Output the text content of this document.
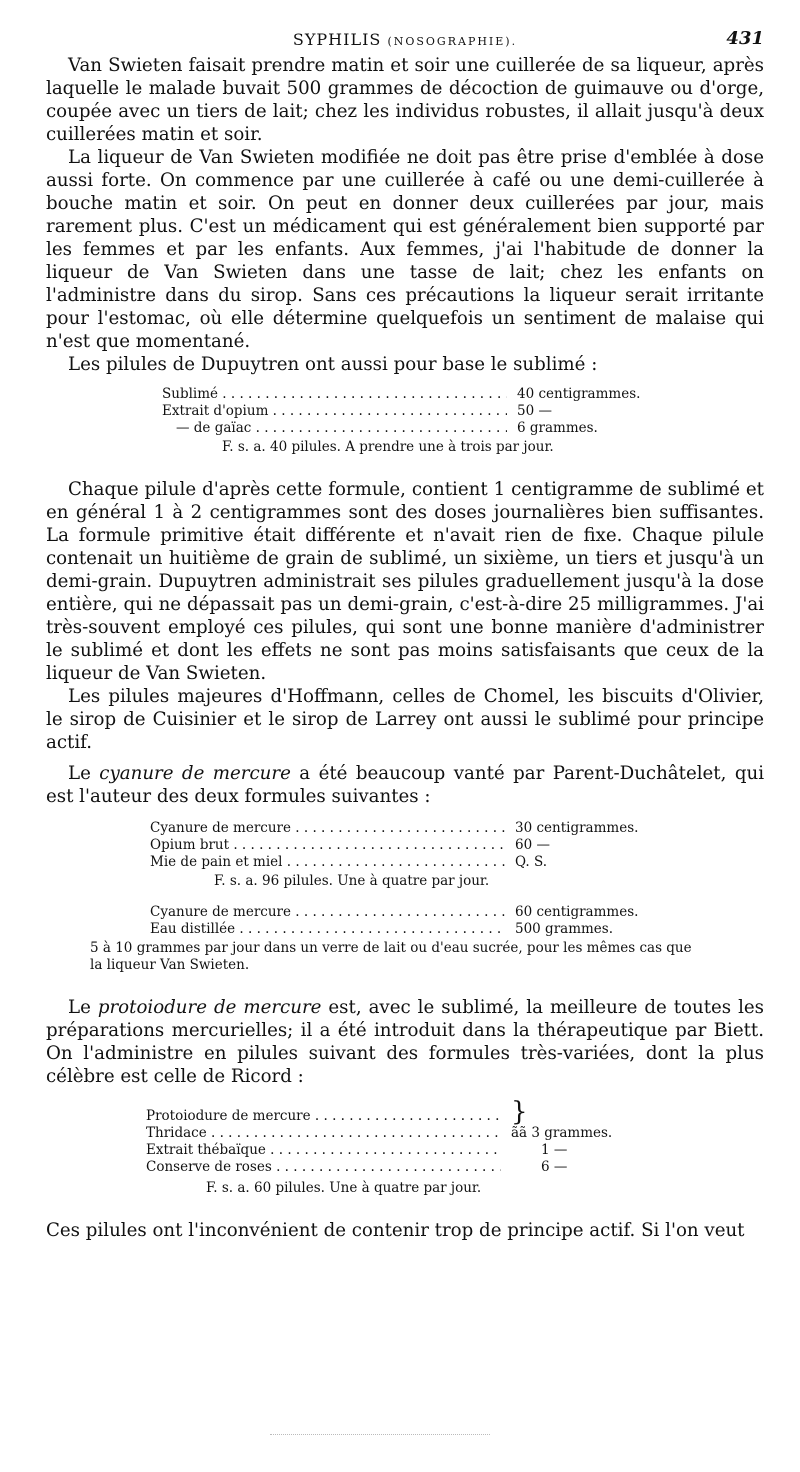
SYPHILIS (NOSOGRAPHIE).	431

Van Swieten faisait prendre matin et soir une cuillerée de sa liqueur, après laquelle le malade buvait 500 grammes de décoction de guimauve ou d'orge, coupée avec un tiers de lait; chez les individus robustes, il allait jusqu'à deux cuillerées matin et soir.

La liqueur de Van Swieten modifiée ne doit pas être prise d'emblée à dose aussi forte. On commence par une cuillerée à café ou une demi-cuillerée à bouche matin et soir. On peut en donner deux cuillerées par jour, mais rarement plus. C'est un médicament qui est généralement bien supporté par les femmes et par les enfants. Aux femmes, j'ai l'habitude de donner la liqueur de Van Swieten dans une tasse de lait; chez les enfants on l'administre dans du sirop. Sans ces précautions la liqueur serait irritante pour l'estomac, où elle détermine quelquefois un sentiment de malaise qui n'est que momentané.

Les pilules de Dupuytren ont aussi pour base le sublimé :

Sublimé . . .	40 centigrammes.
Extrait d'opium . . .	50 —
— de gaïac . . .	6 grammes.
F. s. a. 40 pilules. A prendre une à trois par jour.

Chaque pilule d'après cette formule, contient 1 centigramme de sublimé et en général 1 à 2 centigrammes sont des doses journalières bien suffisantes. La formule primitive était différente et n'avait rien de fixe. Chaque pilule contenait un huitième de grain de sublimé, un sixième, un tiers et jusqu'à un demi-grain. Dupuytren administrait ses pilules graduellement jusqu'à la dose entière, qui ne dépassait pas un demi-grain, c'est-à-dire 25 milligrammes. J'ai très-souvent employé ces pilules, qui sont une bonne manière d'administrer le sublimé et dont les effets ne sont pas moins satisfaisants que ceux de la liqueur de Van Swieten.

Les pilules majeures d'Hoffmann, celles de Chomel, les biscuits d'Olivier, le sirop de Cuisinier et le sirop de Larrey ont aussi le sublimé pour principe actif.

Le cyanure de mercure a été beaucoup vanté par Parent-Duchâtelet, qui est l'auteur des deux formules suivantes :

Cyanure de mercure . . .	30 centigrammes.
Opium brut . . .	60 —
Mie de pain et miel . . .	Q. S.
F. s. a. 96 pilules. Une à quatre par jour.
Cyanure de mercure . . .	60 centigrammes.
Eau distillée . . .	500 grammes.
5 à 10 grammes par jour dans un verre de lait ou d'eau sucrée, pour les mêmes cas que la liqueur Van Swieten.

Le protoiodure de mercure est, avec le sublimé, la meilleure de toutes les préparations mercurielles; il a été introduit dans la thérapeutique par Biett. On l'administre en pilules suivant des formules très-variées, dont la plus célèbre est celle de Ricord :

Protoiodure de mercure . . .	}
Thridace . . .	ãã 3 grammes.
Extrait thébaïque . . .	1 —
Conserve de roses . . .	6 —
F. s. a. 60 pilules. Une à quatre par jour.

Ces pilules ont l'inconvénient de contenir trop de principe actif. Si l'on veut
